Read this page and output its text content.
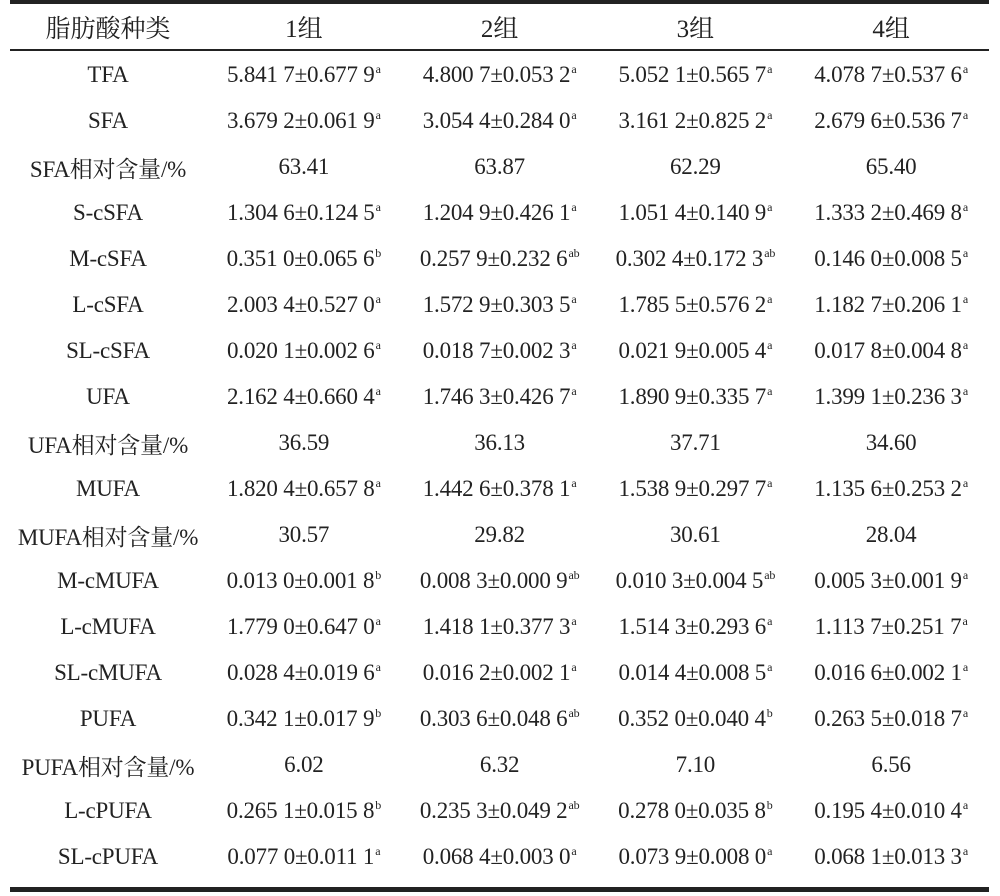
脂肪酸种类	1组	2组	3组	4组

TFA	5.841 7±0.677 9$^a$	4.800 7±0.053 2$^a$	5.052 1±0.565 7$^a$	4.078 7±0.537 6$^a$
SFA	3.679 2±0.061 9$^a$	3.054 4±0.284 0$^a$	3.161 2±0.825 2$^a$	2.679 6±0.536 7$^a$
SFA相对含量/%	63.41	63.87	62.29	65.40
S-cSFA	1.304 6±0.124 5$^a$	1.204 9±0.426 1$^a$	1.051 4±0.140 9$^a$	1.333 2±0.469 8$^a$
M-cSFA	0.351 0±0.065 6$^b$	0.257 9±0.232 $6^{ab}$	0.302 4±0.172 $3^{ab}$	0.146 0±0.008 5$^a$
L-cSFA	2.003 4±0.527 0$^a$	1.572 9±0.303 5$^a$	1.785 5±0.576 2$^a$	1.182 7±0.206 1$^a$
SL-cSFA	0.020 1±0.002 6$^a$	0.018 7±0.002 3$^a$	0.021 9±0.005 4$^a$	0.017 8±0.004 8$^a$
UFA	2.162 4±0.660 4$^a$	1.746 3±0.426 7$^a$	1.890 9±0.335 7$^a$	1.399 1±0.236 3$^a$
UFA相对含量/%	36.59	36.13	37.71	34.60
MUFA	1.820 4±0.657 8$^a$	1.442 6±0.378 1$^a$	1.538 9±0.297 7$^a$	1.135 6±0.253 2$^a$
MUFA相对含量/%	30.57	29.82	30.61	28.04
M-cMUFA	0.013 0±0.001 8$^b$	0.008 3±0.000 $9^{ab}$	0.010 3±0.004 $5^{ab}$	0.005 3±0.001 9$^a$
L-cMUFA	1.779 0±0.647 0$^a$	1.418 1±0.377 3$^a$	1.514 3±0.293 6$^a$	1.113 7±0.251 7$^a$
SL-cMUFA	0.028 4±0.019 6$^a$	0.016 2±0.002 1$^a$	0.014 4±0.008 5$^a$	0.016 6±0.002 1$^a$
PUFA	0.342 1±0.017 9$^b$	0.303 6±0.048 $6^{ab}$	0.352 0±0.040 4$^b$	0.263 5±0.018 7$^a$
PUFA相对含量/%	6.02	6.32	7.10	6.56
L-cPUFA	0.265 1±0.015 8$^b$	0.235 3±0.049 $2^{ab}$	0.278 0±0.035 8$^b$	0.195 4±0.010 4$^a$
SL-cPUFA	0.077 0±0.011 1$^a$	0.068 4±0.003 0$^a$	0.073 9±0.008 0$^a$	0.068 1±0.013 3$^a$
